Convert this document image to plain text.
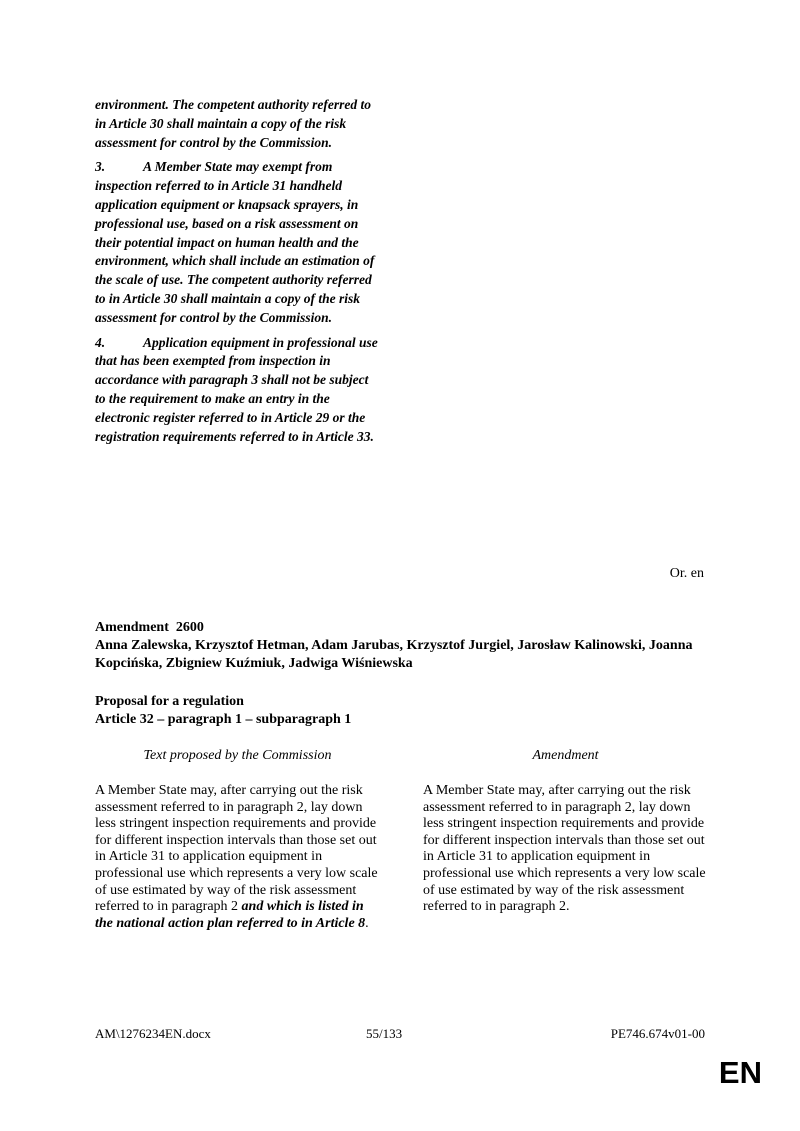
environment. The competent authority referred to in Article 30 shall maintain a copy of the risk assessment for control by the Commission.

3.	A Member State may exempt from inspection referred to in Article 31 handheld application equipment or knapsack sprayers, in professional use, based on a risk assessment on their potential impact on human health and the environment, which shall include an estimation of the scale of use. The competent authority referred to in Article 30 shall maintain a copy of the risk assessment for control by the Commission.

4.	Application equipment in professional use that has been exempted from inspection in accordance with paragraph 3 shall not be subject to the requirement to make an entry in the electronic register referred to in Article 29 or the registration requirements referred to in Article 33.

Or. en
Amendment  2600
Anna Zalewska, Krzysztof Hetman, Adam Jarubas, Krzysztof Jurgiel, Jarosław Kalinowski, Joanna Kopcińska, Zbigniew Kuźmiuk, Jadwiga Wiśniewska
Proposal for a regulation
Article 32 – paragraph 1 – subparagraph 1
Text proposed by the Commission	Amendment
A Member State may, after carrying out the risk assessment referred to in paragraph 2, lay down less stringent inspection requirements and provide for different inspection intervals than those set out in Article 31 to application equipment in professional use which represents a very low scale of use estimated by way of the risk assessment referred to in paragraph 2 and which is listed in the national action plan referred to in Article 8.
A Member State may, after carrying out the risk assessment referred to in paragraph 2, lay down less stringent inspection requirements and provide for different inspection intervals than those set out in Article 31 to application equipment in professional use which represents a very low scale of use estimated by way of the risk assessment referred to in paragraph 2.
AM\1276234EN.docx	55/133	PE746.674v01-00
EN
